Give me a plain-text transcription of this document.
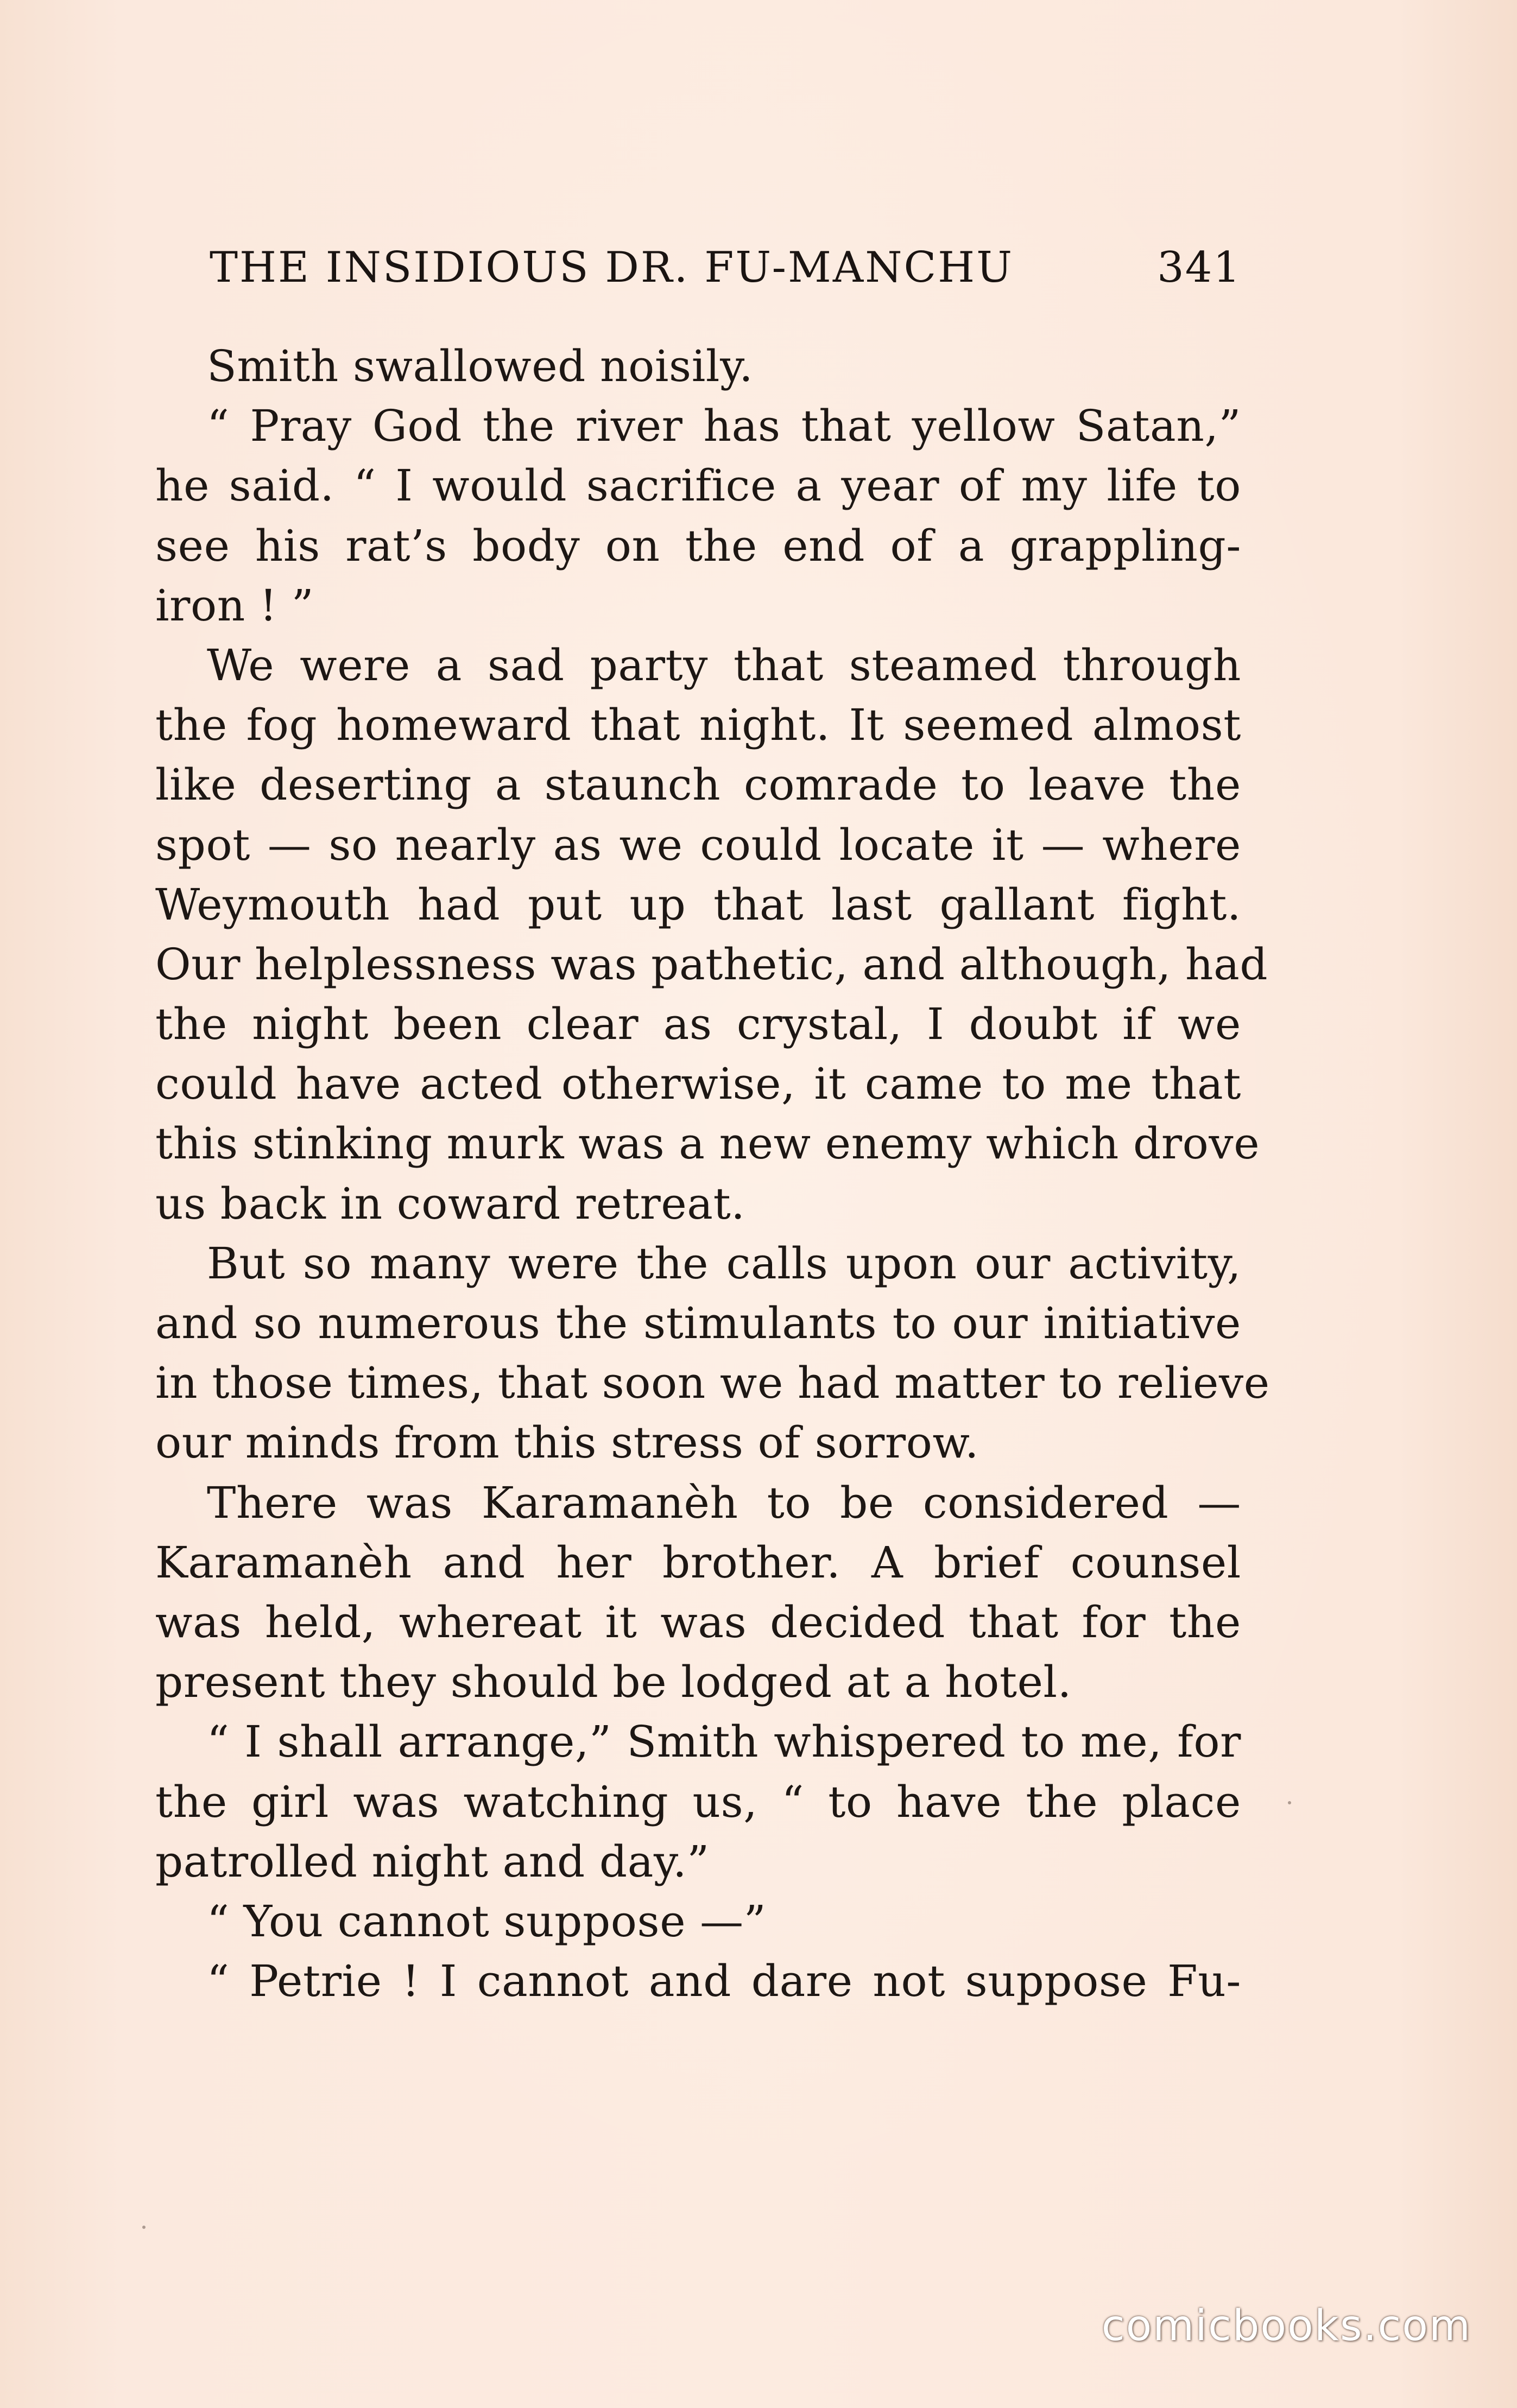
THE INSIDIOUS DR. FU-MANCHU	341
Smith swallowed noisily.
“ Pray God the river has that yellow Satan,”
he said. “ I would sacrifice a year of my life to
see his rat’s body on the end of a grappling-
iron ! ”
We were a sad party that steamed through
the fog homeward that night. It seemed almost
like deserting a staunch comrade to leave the
spot — so nearly as we could locate it — where
Weymouth had put up that last gallant fight.
Our helplessness was pathetic, and although, had
the night been clear as crystal, I doubt if we
could have acted otherwise, it came to me that
this stinking murk was a new enemy which drove
us back in coward retreat.
But so many were the calls upon our activity,
and so numerous the stimulants to our initiative
in those times, that soon we had matter to relieve
our minds from this stress of sorrow.
There was Karamanèh to be considered —
Karamanèh and her brother. A brief counsel
was held, whereat it was decided that for the
present they should be lodged at a hotel.
“ I shall arrange,” Smith whispered to me, for
the girl was watching us, “ to have the place
patrolled night and day.”
“ You cannot suppose —”
“ Petrie ! I cannot and dare not suppose Fu-
comicbooks.com
